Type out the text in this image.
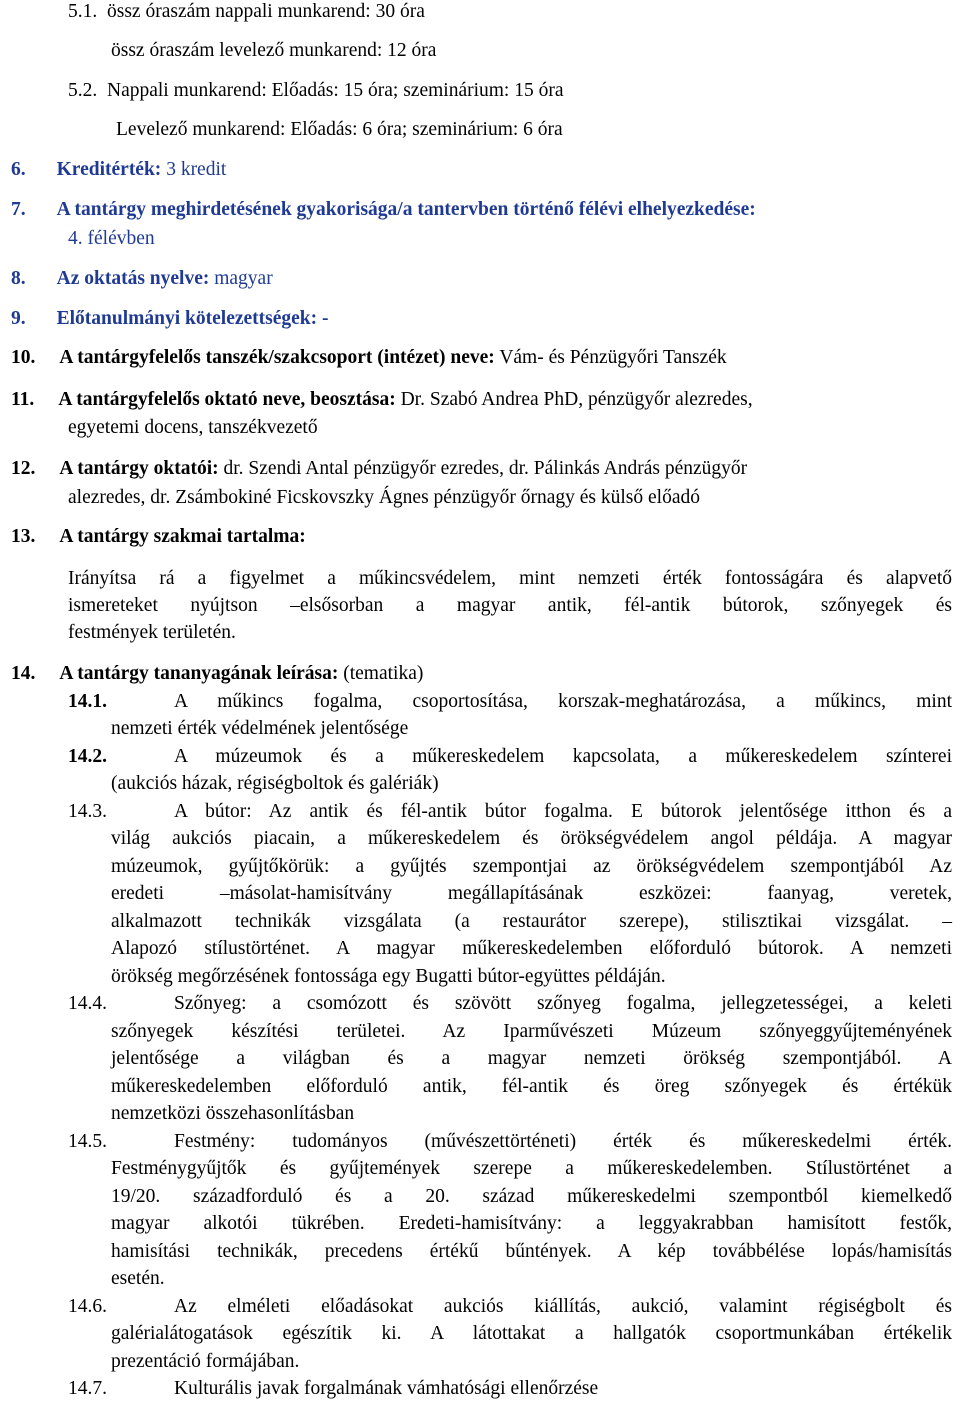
5.1. össz óraszám nappali munkarend: 30 óra
össz óraszám levelező munkarend: 12 óra
5.2. Nappali munkarend: Előadás: 15 óra; szeminárium: 15 óra
Levelező munkarend: Előadás: 6 óra; szeminárium: 6 óra
6. Kreditérték: 3 kredit
7. A tantárgy meghirdetésének gyakorisága/a tantervben történő félévi elhelyezkedése:
4. félévben
8. Az oktatás nyelve: magyar
9. Előtanulmányi kötelezettségek: -
10. A tantárgyfelelős tanszék/szakcsoport (intézet) neve: Vám- és Pénzügyőri Tanszék
11. A tantárgyfelelős oktató neve, beosztása: Dr. Szabó Andrea PhD, pénzügyőr alezredes,
egyetemi docens, tanszékvezető
12. A tantárgy oktatói: dr. Szendi Antal pénzügyőr ezredes, dr. Pálinkás András pénzügyőr
alezredes, dr. Zsámbokiné Ficskovszky Ágnes pénzügyőr őrnagy és külső előadó
13. A tantárgy szakmai tartalma:
Irányítsa rá a figyelmet a műkincsvédelem, mint nemzeti érték fontosságára és alapvető
ismereteket nyújtson –elsősorban a magyar antik, fél-antik bútorok, szőnyegek és
festmények területén.
14. A tantárgy tananyagának leírása: (tematika)
14.1.	A műkincs fogalma, csoportosítása, korszak-meghatározása, a műkincs, mint
nemzeti érték védelmének jelentősége
14.2.	A múzeumok és a műkereskedelem kapcsolata, a műkereskedelem színterei
(aukciós házak, régiségboltok és galériák)
14.3.	A bútor: Az antik és fél-antik bútor fogalma. E bútorok jelentősége itthon és a
világ aukciós piacain, a műkereskedelem és örökségvédelem angol példája. A magyar
múzeumok, gyűjtőkörük: a gyűjtés szempontjai az örökségvédelem szempontjából Az
eredeti –másolat-hamisítvány megállapításának eszközei: faanyag, veretek,
alkalmazott technikák vizsgálata (a restaurátor szerepe), stilisztikai vizsgálat. –
Alapozó stílustörténet. A magyar műkereskedelemben előforduló bútorok. A nemzeti
örökség megőrzésének fontossága egy Bugatti bútor-együttes példáján.
14.4.	Szőnyeg: a csomózott és szövött szőnyeg fogalma, jellegzetességei, a keleti
szőnyegek készítési területei. Az Iparművészeti Múzeum szőnyeggyűjteményének
jelentősége a világban és a magyar nemzeti örökség szempontjából. A
műkereskedelemben előforduló antik, fél-antik és öreg szőnyegek és értékük
nemzetközi összehasonlításban
14.5.	Festmény: tudományos (művészettörténeti) érték és műkereskedelmi érték.
Festménygyűjtők és gyűjtemények szerepe a műkereskedelemben. Stílustörténet a
19/20. századforduló és a 20. század műkereskedelmi szempontból kiemelkedő
magyar alkotói tükrében. Eredeti-hamisítvány: a leggyakrabban hamisított festők,
hamisítási technikák, precedens értékű bűntények. A kép továbbélése lopás/hamisítás
esetén.
14.6.	Az elméleti előadásokat aukciós kiállítás, aukció, valamint régiségbolt és
galérialátogatások egészítik ki. A látottakat a hallgatók csoportmunkában értékelik
prezentáció formájában.
14.7.	Kulturális javak forgalmának vámhatósági ellenőrzése
